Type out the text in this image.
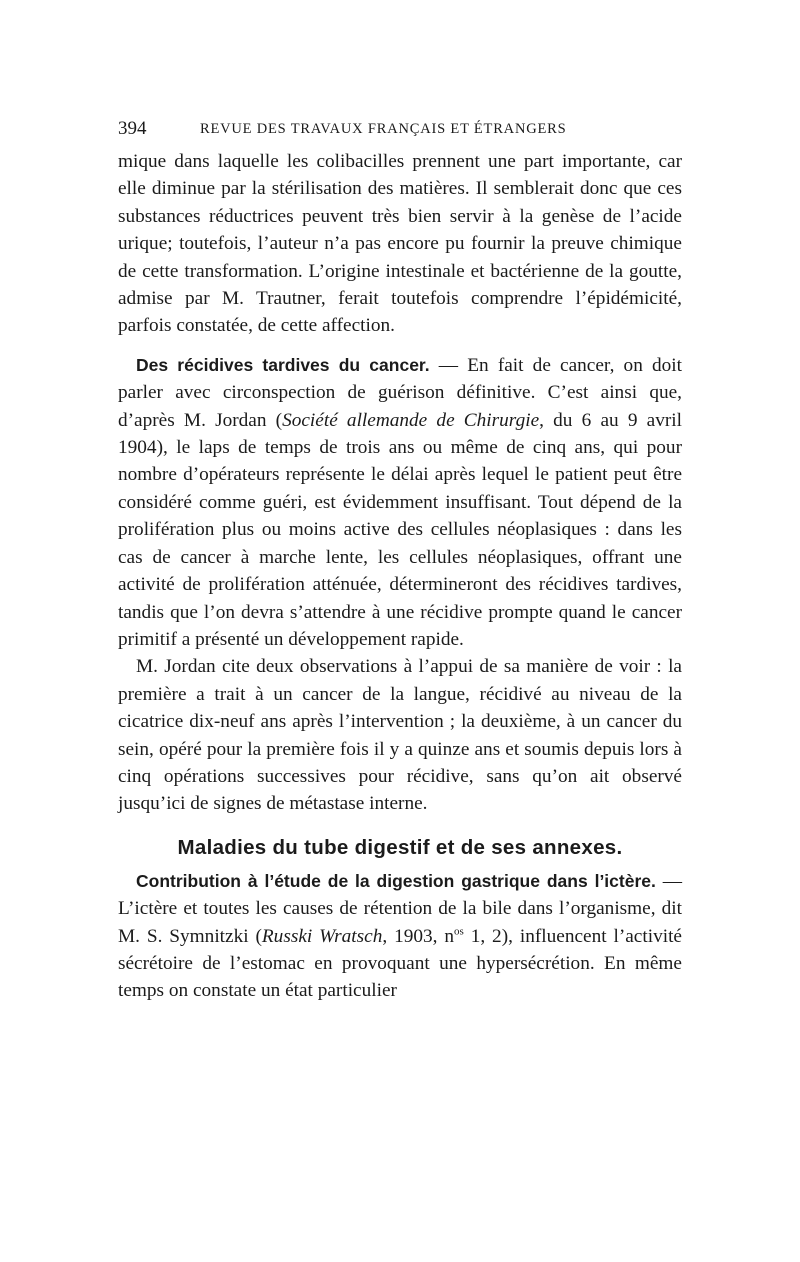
394	REVUE DES TRAVAUX FRANÇAIS ET ÉTRANGERS

mique dans laquelle les colibacilles prennent une part importante, car elle diminue par la stérilisation des matières. Il semblerait donc que ces substances réductrices peuvent très bien servir à la genèse de l’acide urique; toutefois, l’auteur n’a pas encore pu fournir la preuve chimique de cette transformation. L’origine intestinale et bactérienne de la goutte, admise par M. Trautner, ferait toutefois comprendre l’épidémicité, parfois constatée, de cette affection.

Des récidives tardives du cancer. — En fait de cancer, on doit parler avec circonspection de guérison définitive. C’est ainsi que, d’après M. Jordan (Société allemande de Chirurgie, du 6 au 9 avril 1904), le laps de temps de trois ans ou même de cinq ans, qui pour nombre d’opérateurs représente le délai après lequel le patient peut être considéré comme guéri, est évidemment insuffisant. Tout dépend de la prolifération plus ou moins active des cellules néoplasiques : dans les cas de cancer à marche lente, les cellules néoplasiques, offrant une activité de prolifération atténuée, détermineront des récidives tardives, tandis que l’on devra s’attendre à une récidive prompte quand le cancer primitif a présenté un développement rapide.

M. Jordan cite deux observations à l’appui de sa manière de voir : la première a trait à un cancer de la langue, récidivé au niveau de la cicatrice dix-neuf ans après l’intervention ; la deuxième, à un cancer du sein, opéré pour la première fois il y a quinze ans et soumis depuis lors à cinq opérations successives pour récidive, sans qu’on ait observé jusqu’ici de signes de métastase interne.

Maladies du tube digestif et de ses annexes.

Contribution à l’étude de la digestion gastrique dans l’ictère. — L’ictère et toutes les causes de rétention de la bile dans l’organisme, dit M. S. Symnitzki (Russki Wratsch, 1903, $n^{os}$ 1, 2), influencent l’activité sécrétoire de l’estomac en provoquant une hypersécrétion. En même temps on constate un état particulier
